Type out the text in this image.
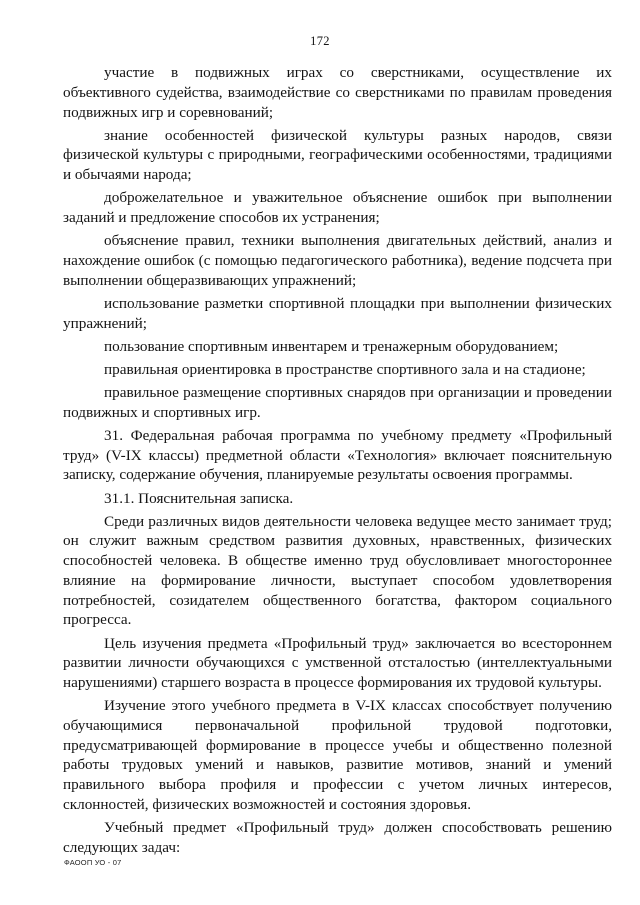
172

участие в подвижных играх со сверстниками, осуществление их объективного судейства, взаимодействие со сверстниками по правилам проведения подвижных игр и соревнований;

знание особенностей физической культуры разных народов, связи физической культуры с природными, географическими особенностями, традициями и обычаями народа;

доброжелательное и уважительное объяснение ошибок при выполнении заданий и предложение способов их устранения;

объяснение правил, техники выполнения двигательных действий, анализ и нахождение ошибок (с помощью педагогического работника), ведение подсчета при выполнении общеразвивающих упражнений;

использование разметки спортивной площадки при выполнении физических упражнений;

пользование спортивным инвентарем и тренажерным оборудованием;

правильная ориентировка в пространстве спортивного зала и на стадионе;

правильное размещение спортивных снарядов при организации и проведении подвижных и спортивных игр.

31. Федеральная рабочая программа по учебному предмету «Профильный труд» (V-IX классы) предметной области «Технология» включает пояснительную записку, содержание обучения, планируемые результаты освоения программы.

31.1. Пояснительная записка.

Среди различных видов деятельности человека ведущее место занимает труд; он служит важным средством развития духовных, нравственных, физических способностей человека. В обществе именно труд обусловливает многостороннее влияние на формирование личности, выступает способом удовлетворения потребностей, созидателем общественного богатства, фактором социального прогресса.

Цель изучения предмета «Профильный труд» заключается во всестороннем развитии личности обучающихся с умственной отсталостью (интеллектуальными нарушениями) старшего возраста в процессе формирования их трудовой культуры.

Изучение этого учебного предмета в V-IX классах способствует получению обучающимися первоначальной профильной трудовой подготовки, предусматривающей формирование в процессе учебы и общественно полезной работы трудовых умений и навыков, развитие мотивов, знаний и умений правильного выбора профиля и профессии с учетом личных интересов, склонностей, физических возможностей и состояния здоровья.

Учебный предмет «Профильный труд» должен способствовать решению следующих задач:

ФАООП УО - 07
